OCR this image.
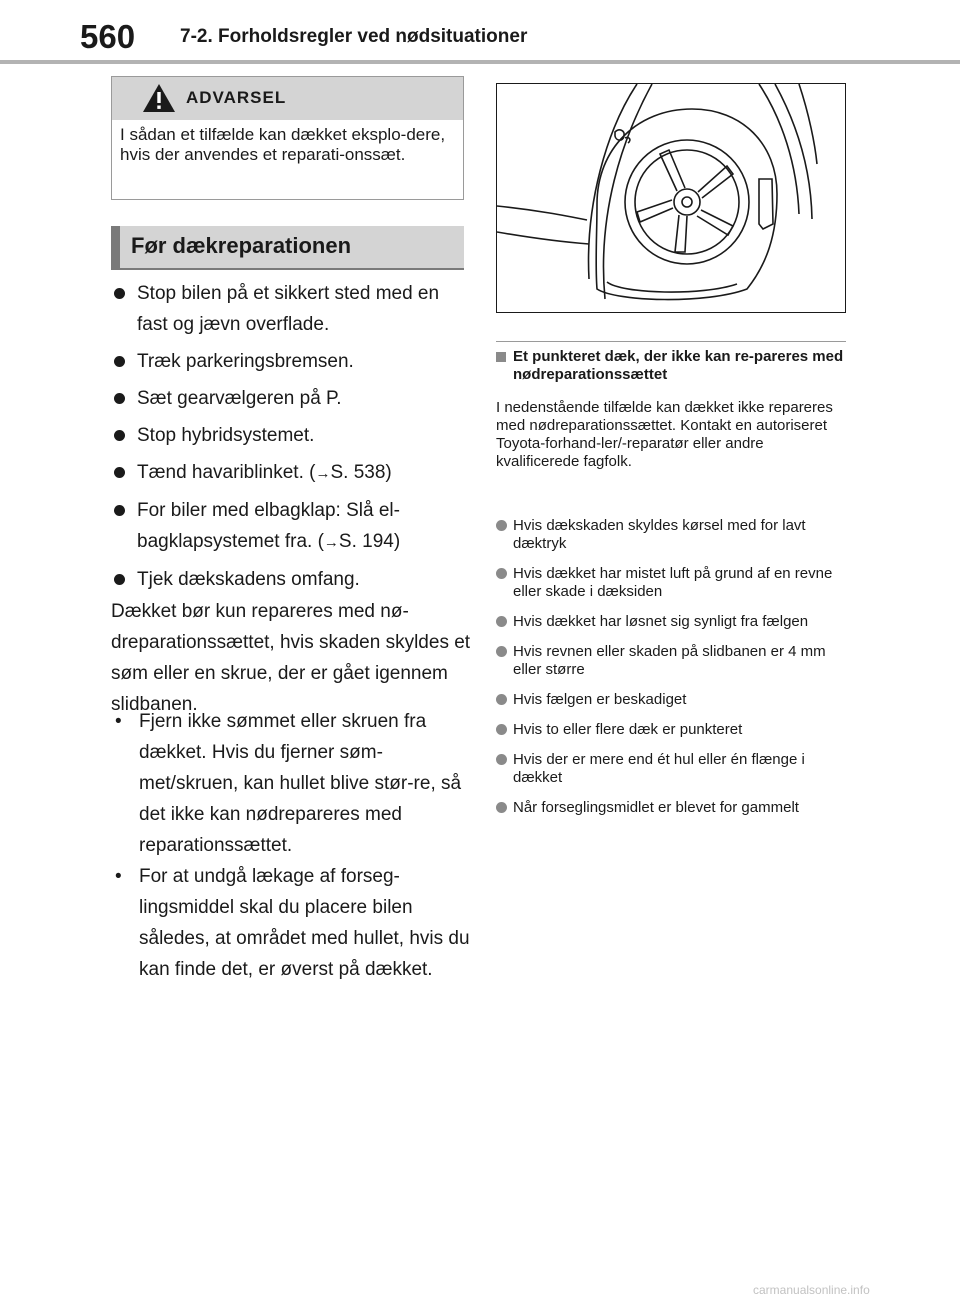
560 7-2. Forholdsregler ved nødsituationer
ADVARSEL
I sådan et tilfælde kan dækket eksplo-dere, hvis der anvendes et reparati-onssæt.
Før dækreparationen
Stop bilen på et sikkert sted med en fast og jævn overflade.
Træk parkeringsbremsen.
Sæt gearvælgeren på P.
Stop hybridsystemet.
Tænd havariblinket. (→S. 538)
For biler med elbagklap: Slå el-bagklapsystemet fra. (→S. 194)
Tjek dækskadens omfang.

Dækket bør kun repareres med nø-dreparationssættet, hvis skaden skyldes et søm eller en skrue, der er gået igennem slidbanen.

• Fjern ikke sømmet eller skruen fra dækket. Hvis du fjerner søm-met/skruen, kan hullet blive stør-re, så det ikke kan nødrepareres med reparationssættet.
• For at undgå lækage af forseg-lingsmiddel skal du placere bilen således, at området med hullet, hvis du kan finde det, er øverst på dækket.
Et punkteret dæk, der ikke kan re-pareres med nødreparationssættet

I nedenstående tilfælde kan dækket ikke repareres med nødreparationssættet. Kontakt en autoriseret Toyota-forhand-ler/-reparatør eller andre kvalificerede fagfolk.

Hvis dækskaden skyldes kørsel med for lavt dæktryk
Hvis dækket har mistet luft på grund af en revne eller skade i dæksiden
Hvis dækket har løsnet sig synligt fra fælgen
Hvis revnen eller skaden på slidbanen er 4 mm eller større
Hvis fælgen er beskadiget
Hvis to eller flere dæk er punkteret
Hvis der er mere end ét hul eller én flænge i dækket
Når forseglingsmidlet er blevet for gammelt
carmanualsonline.info
